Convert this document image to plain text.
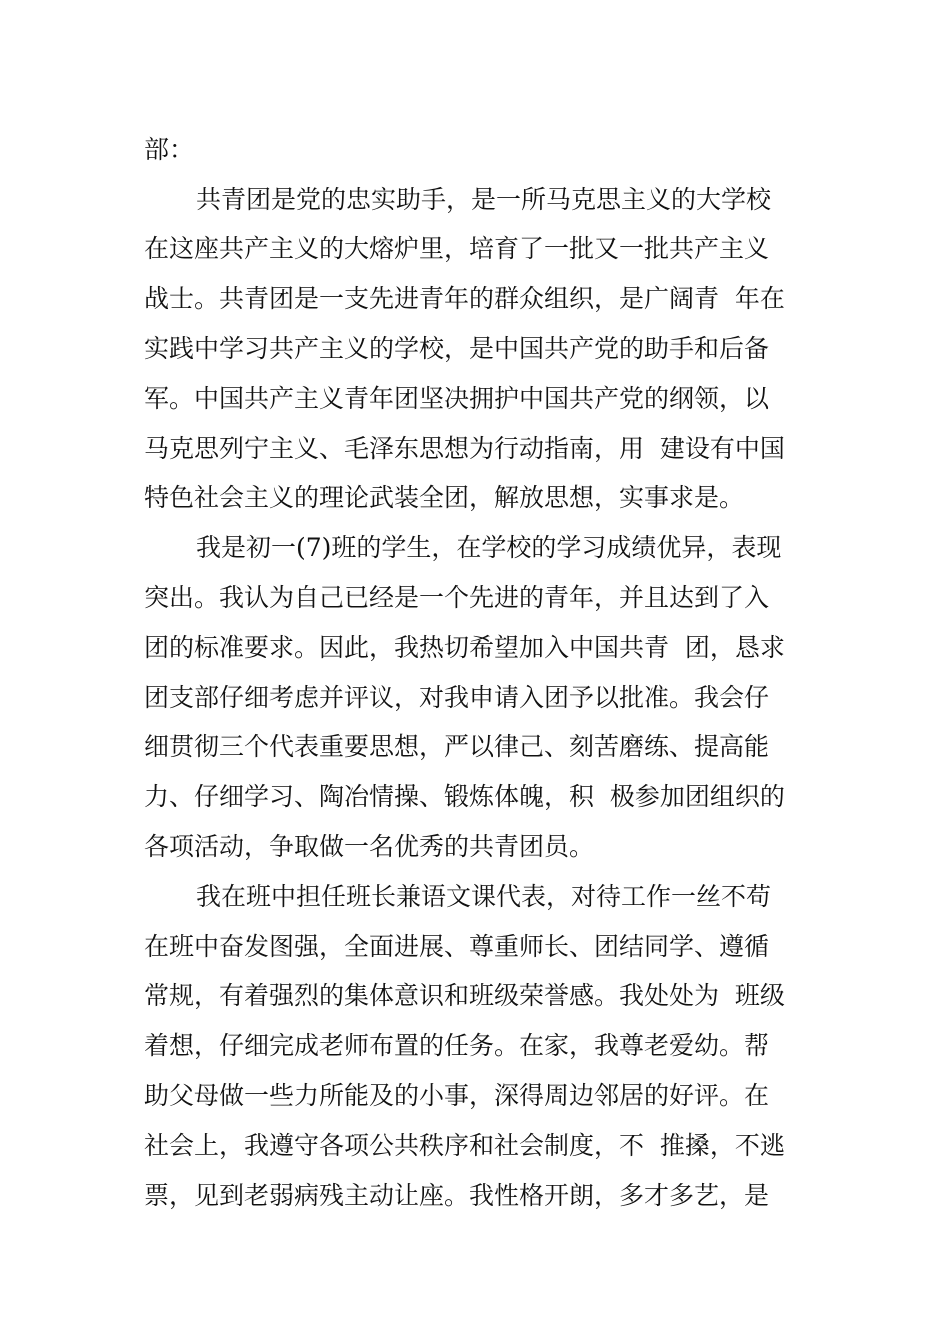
部：
共青团是党的忠实助手，是一所马克思主义的大学校
在这座共产主义的大熔炉里，培育了一批又一批共产主义
战士。共青团是一支先进青年的群众组织，是广阔青  年在
实践中学习共产主义的学校，是中国共产党的助手和后备
军。中国共产主义青年团坚决拥护中国共产党的纲领，以
马克思列宁主义、毛泽东思想为行动指南，用  建设有中国
特色社会主义的理论武装全团，解放思想，实事求是。
我是初一(7)班的学生，在学校的学习成绩优异，表现
突出。我认为自己已经是一个先进的青年，并且达到了入
团的标准要求。因此，我热切希望加入中国共青  团，恳求
团支部仔细考虑并评议，对我申请入团予以批准。我会仔
细贯彻三个代表重要思想，严以律己、刻苦磨练、提高能
力、仔细学习、陶冶情操、锻炼体魄，积  极参加团组织的
各项活动，争取做一名优秀的共青团员。
我在班中担任班长兼语文课代表，对待工作一丝不苟
在班中奋发图强，全面进展、尊重师长、团结同学、遵循
常规，有着强烈的集体意识和班级荣誉感。我处处为  班级
着想，仔细完成老师布置的任务。在家，我尊老爱幼。帮
助父母做一些力所能及的小事，深得周边邻居的好评。在
社会上，我遵守各项公共秩序和社会制度，不  推搡，不逃
票，见到老弱病残主动让座。我性格开朗，多才多艺，是
